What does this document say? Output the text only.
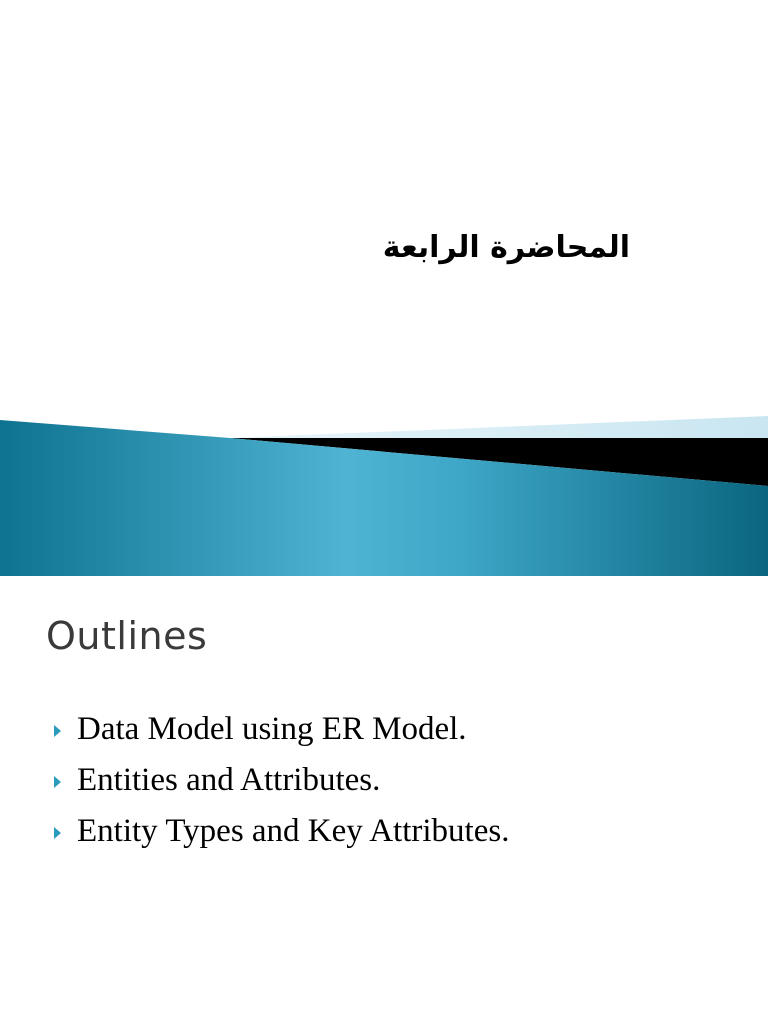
المحاضرة الرابعة
Outlines
Data Model using ER Model.
Entities and Attributes.
Entity Types and Key Attributes.
